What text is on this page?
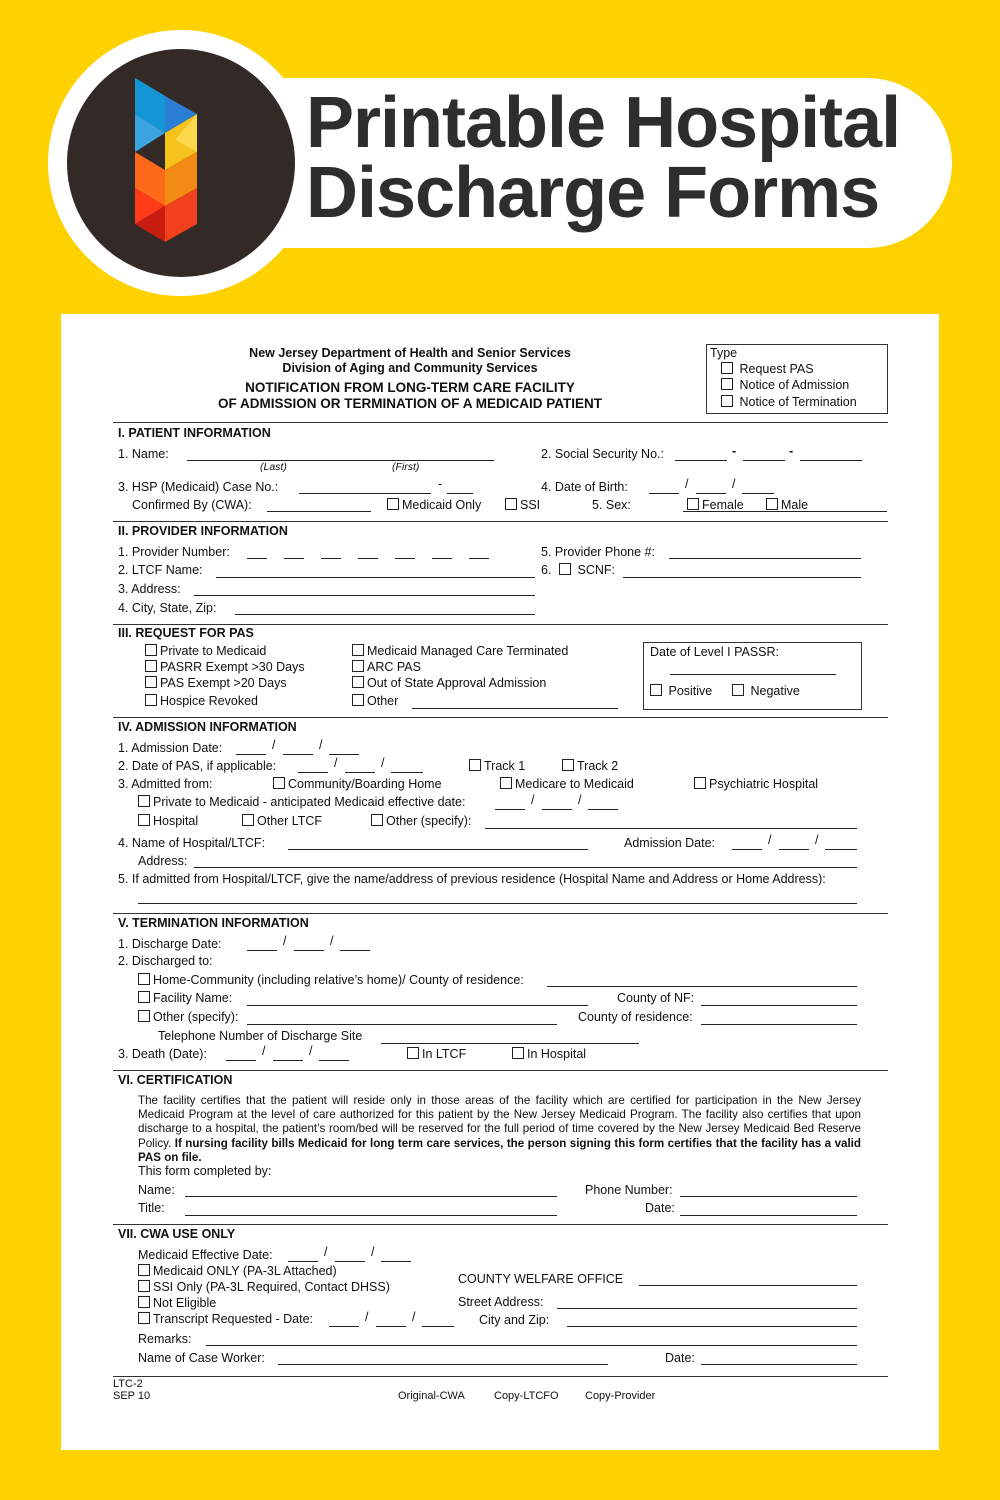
Printable Hospital
Discharge Forms
New Jersey Department of Health and Senior Services
Division of Aging and Community Services
NOTIFICATION FROM LONG-TERM CARE FACILITY
OF ADMISSION OR TERMINATION OF A MEDICAID PATIENT
Type
Request PAS
Notice of Admission
Notice of Termination
I. PATIENT INFORMATION
1. Name:
(Last)	(First)
2. Social Security No.:	-	-
3. HSP (Medicaid) Case No.:	-	4. Date of Birth:	/	/
Confirmed By (CWA):	Medicaid Only	SSI	5. Sex:	Female	Male
II. PROVIDER INFORMATION
1. Provider Number:	5. Provider Phone #:
2. LTCF Name:	6.	SCNF:
3. Address:
4. City, State, Zip:
III. REQUEST FOR PAS
Private to Medicaid
PASRR Exempt >30 Days
PAS Exempt >20 Days
Hospice Revoked
Medicaid Managed Care Terminated
ARC PAS
Out of State Approval Admission
Other
Date of Level I PASSR:
Positive	Negative
IV. ADMISSION INFORMATION
1. Admission Date:	/	/
2. Date of PAS, if applicable:	/	/	Track 1	Track 2
3. Admitted from:	Community/Boarding Home	Medicare to Medicaid	Psychiatric Hospital
Private to Medicaid - anticipated Medicaid effective date:	/	/
Hospital	Other LTCF	Other (specify):
4. Name of Hospital/LTCF:	Admission Date:	/	/
Address:
5. If admitted from Hospital/LTCF, give the name/address of previous residence (Hospital Name and Address or Home Address):
V. TERMINATION INFORMATION
1. Discharge Date:	/	/
2. Discharged to:
Home-Community (including relative’s home)/ County of residence:
Facility Name:	County of NF:
Other (specify):	County of residence:
Telephone Number of Discharge Site
3. Death (Date):	/	/	In LTCF	In Hospital
VI. CERTIFICATION
The facility certifies that the patient will reside only in those areas of the facility which are certified for participation in the New Jersey Medicaid Program at the level of care authorized for this patient by the New Jersey Medicaid Program. The facility also certifies that upon discharge to a hospital, the patient’s room/bed will be reserved for the full period of time covered by the New Jersey Medicaid Bed Reserve Policy. If nursing facility bills Medicaid for long term care services, the person signing this form certifies that the facility has a valid PAS on file.
This form completed by:
Name:	Phone Number:
Title:	Date:
VII. CWA USE ONLY
Medicaid Effective Date:	/	/
Medicaid ONLY (PA-3L Attached)
SSI Only (PA-3L Required, Contact DHSS)
Not Eligible
Transcript Requested - Date:	/	/
COUNTY WELFARE OFFICE
Street Address:
City and Zip:
Remarks:
Name of Case Worker:	Date:
LTC-2
SEP 10	Original-CWA	Copy-LTCFO Copy-Provider
